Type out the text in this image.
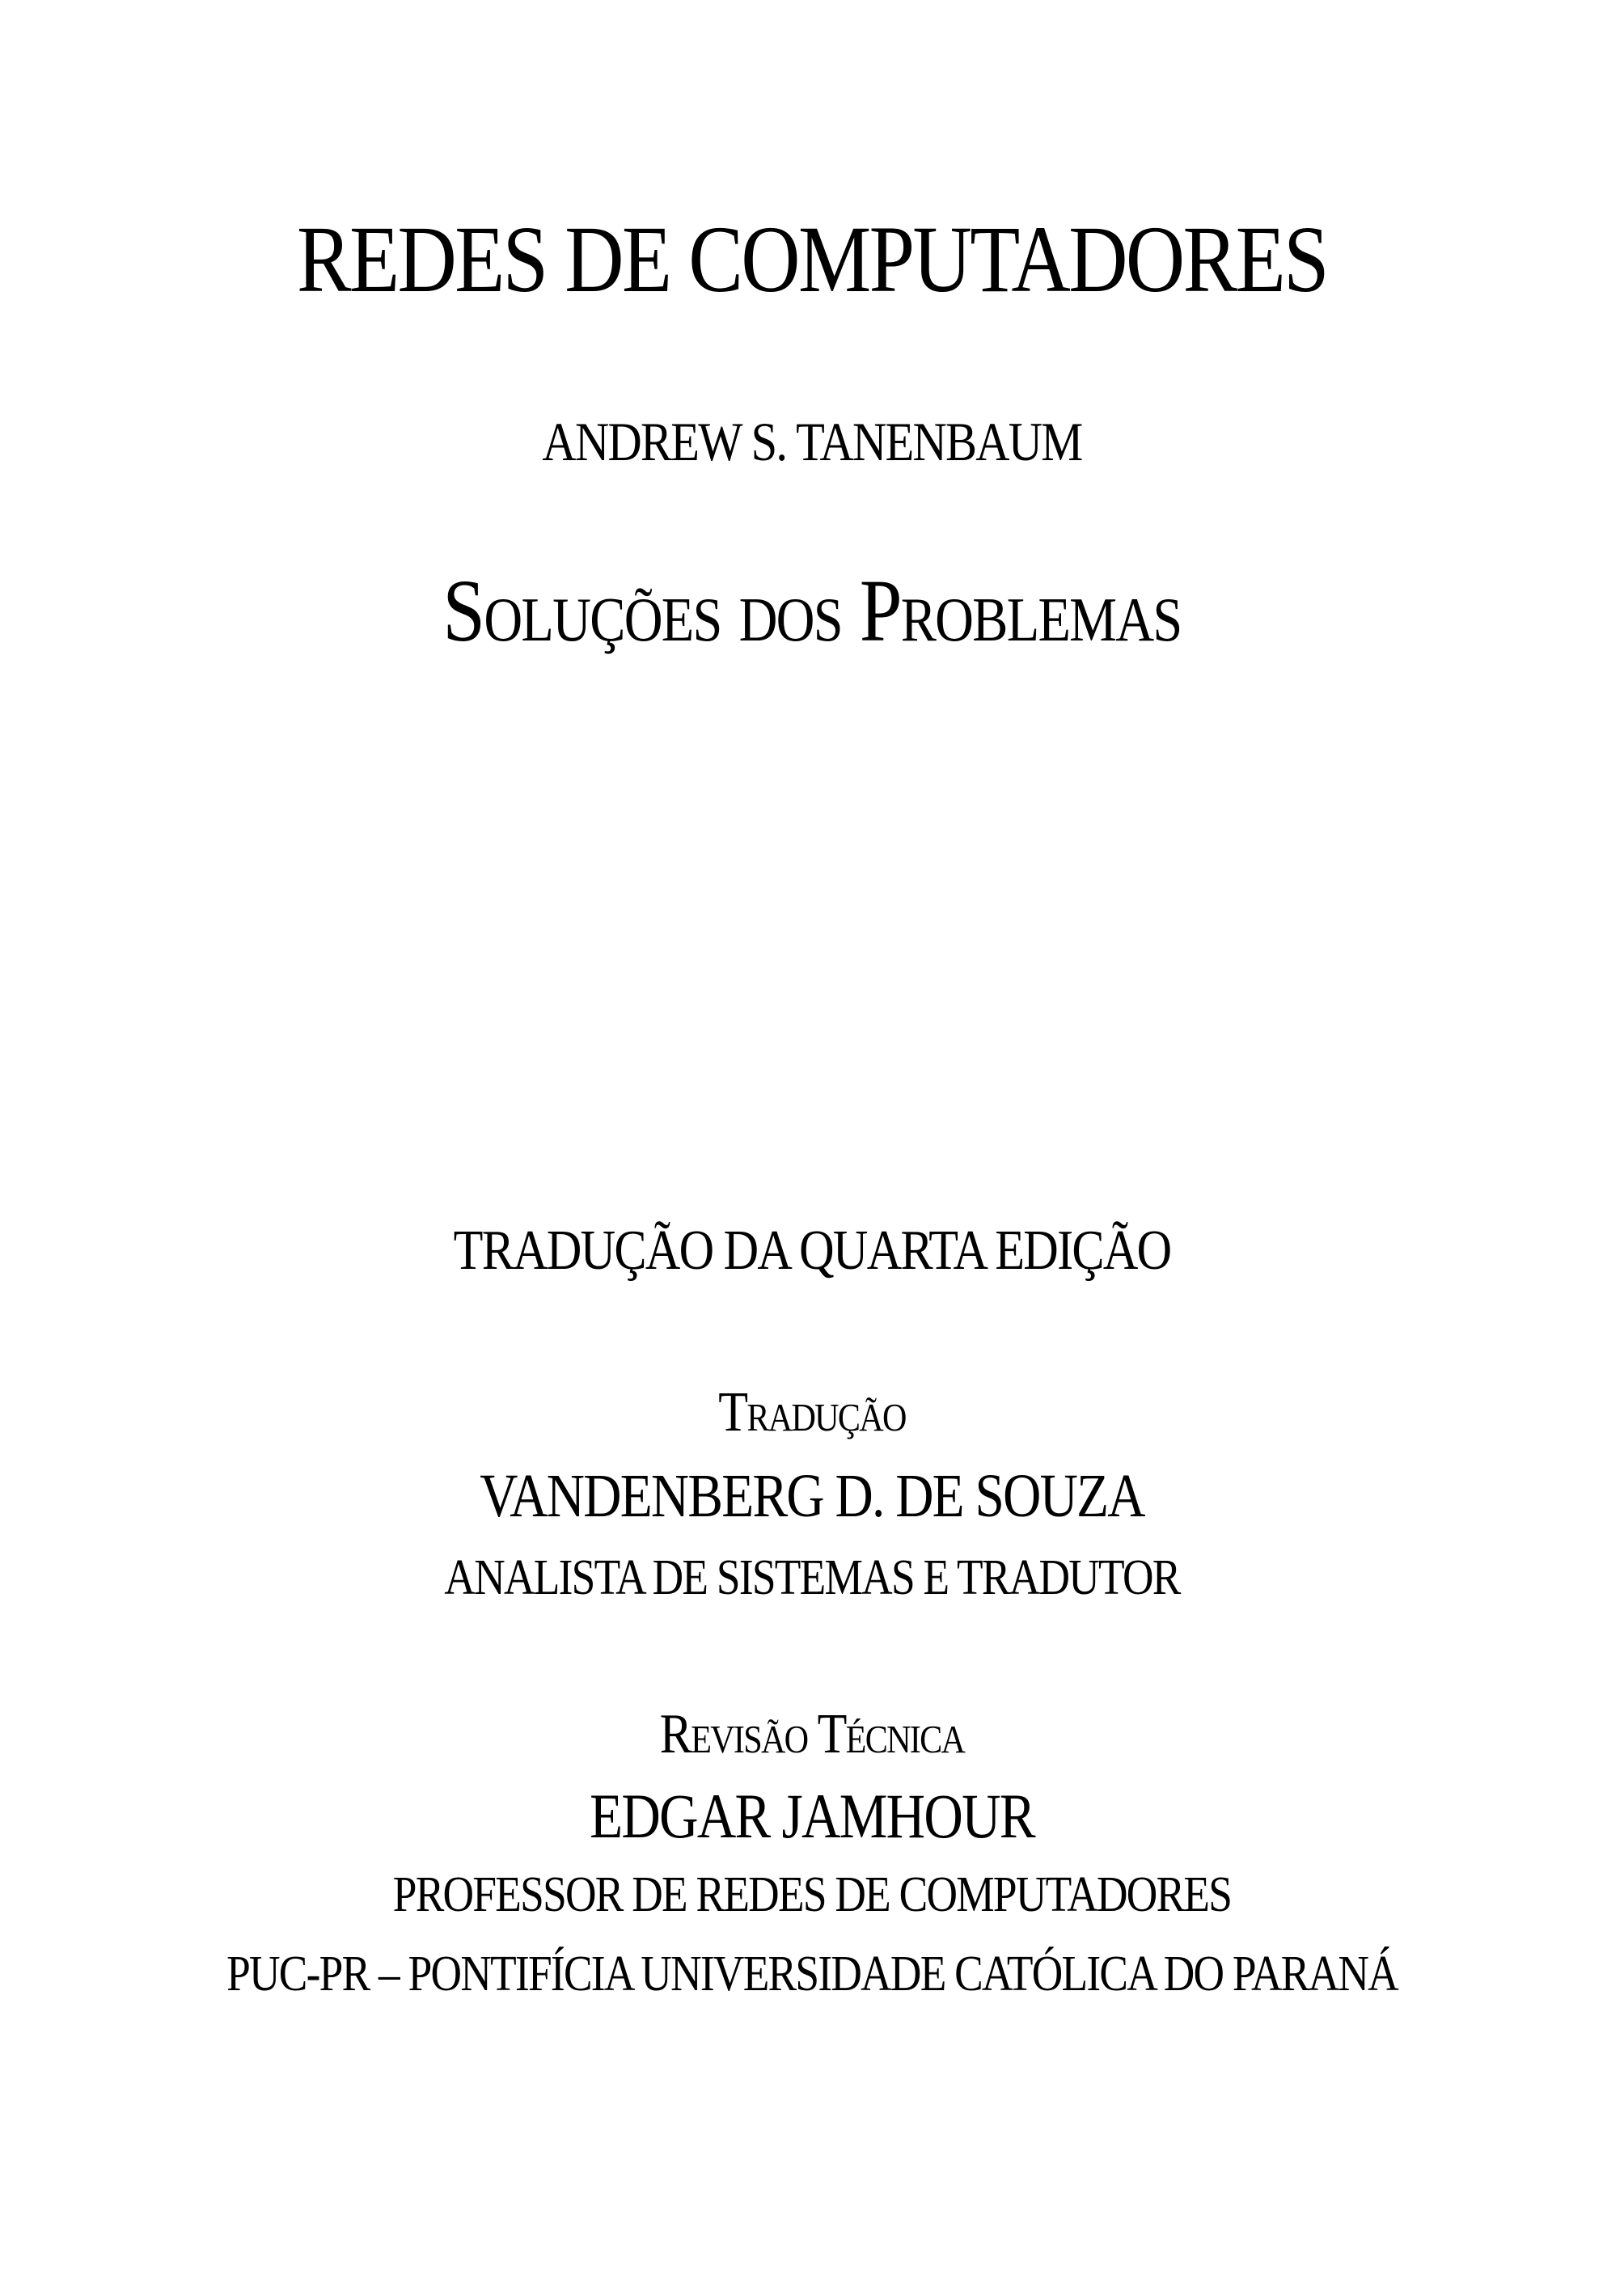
REDES DE COMPUTADORES
ANDREW S. TANENBAUM
Soluções dos Problemas
TRADUÇÃO DA QUARTA EDIÇÃO
Tradução
VANDENBERG D. DE SOUZA
ANALISTA DE SISTEMAS E TRADUTOR
Revisão Técnica
EDGAR JAMHOUR
PROFESSOR DE REDES DE COMPUTADORES
PUC-PR – PONTIFÍCIA UNIVERSIDADE CATÓLICA DO PARANÁ
